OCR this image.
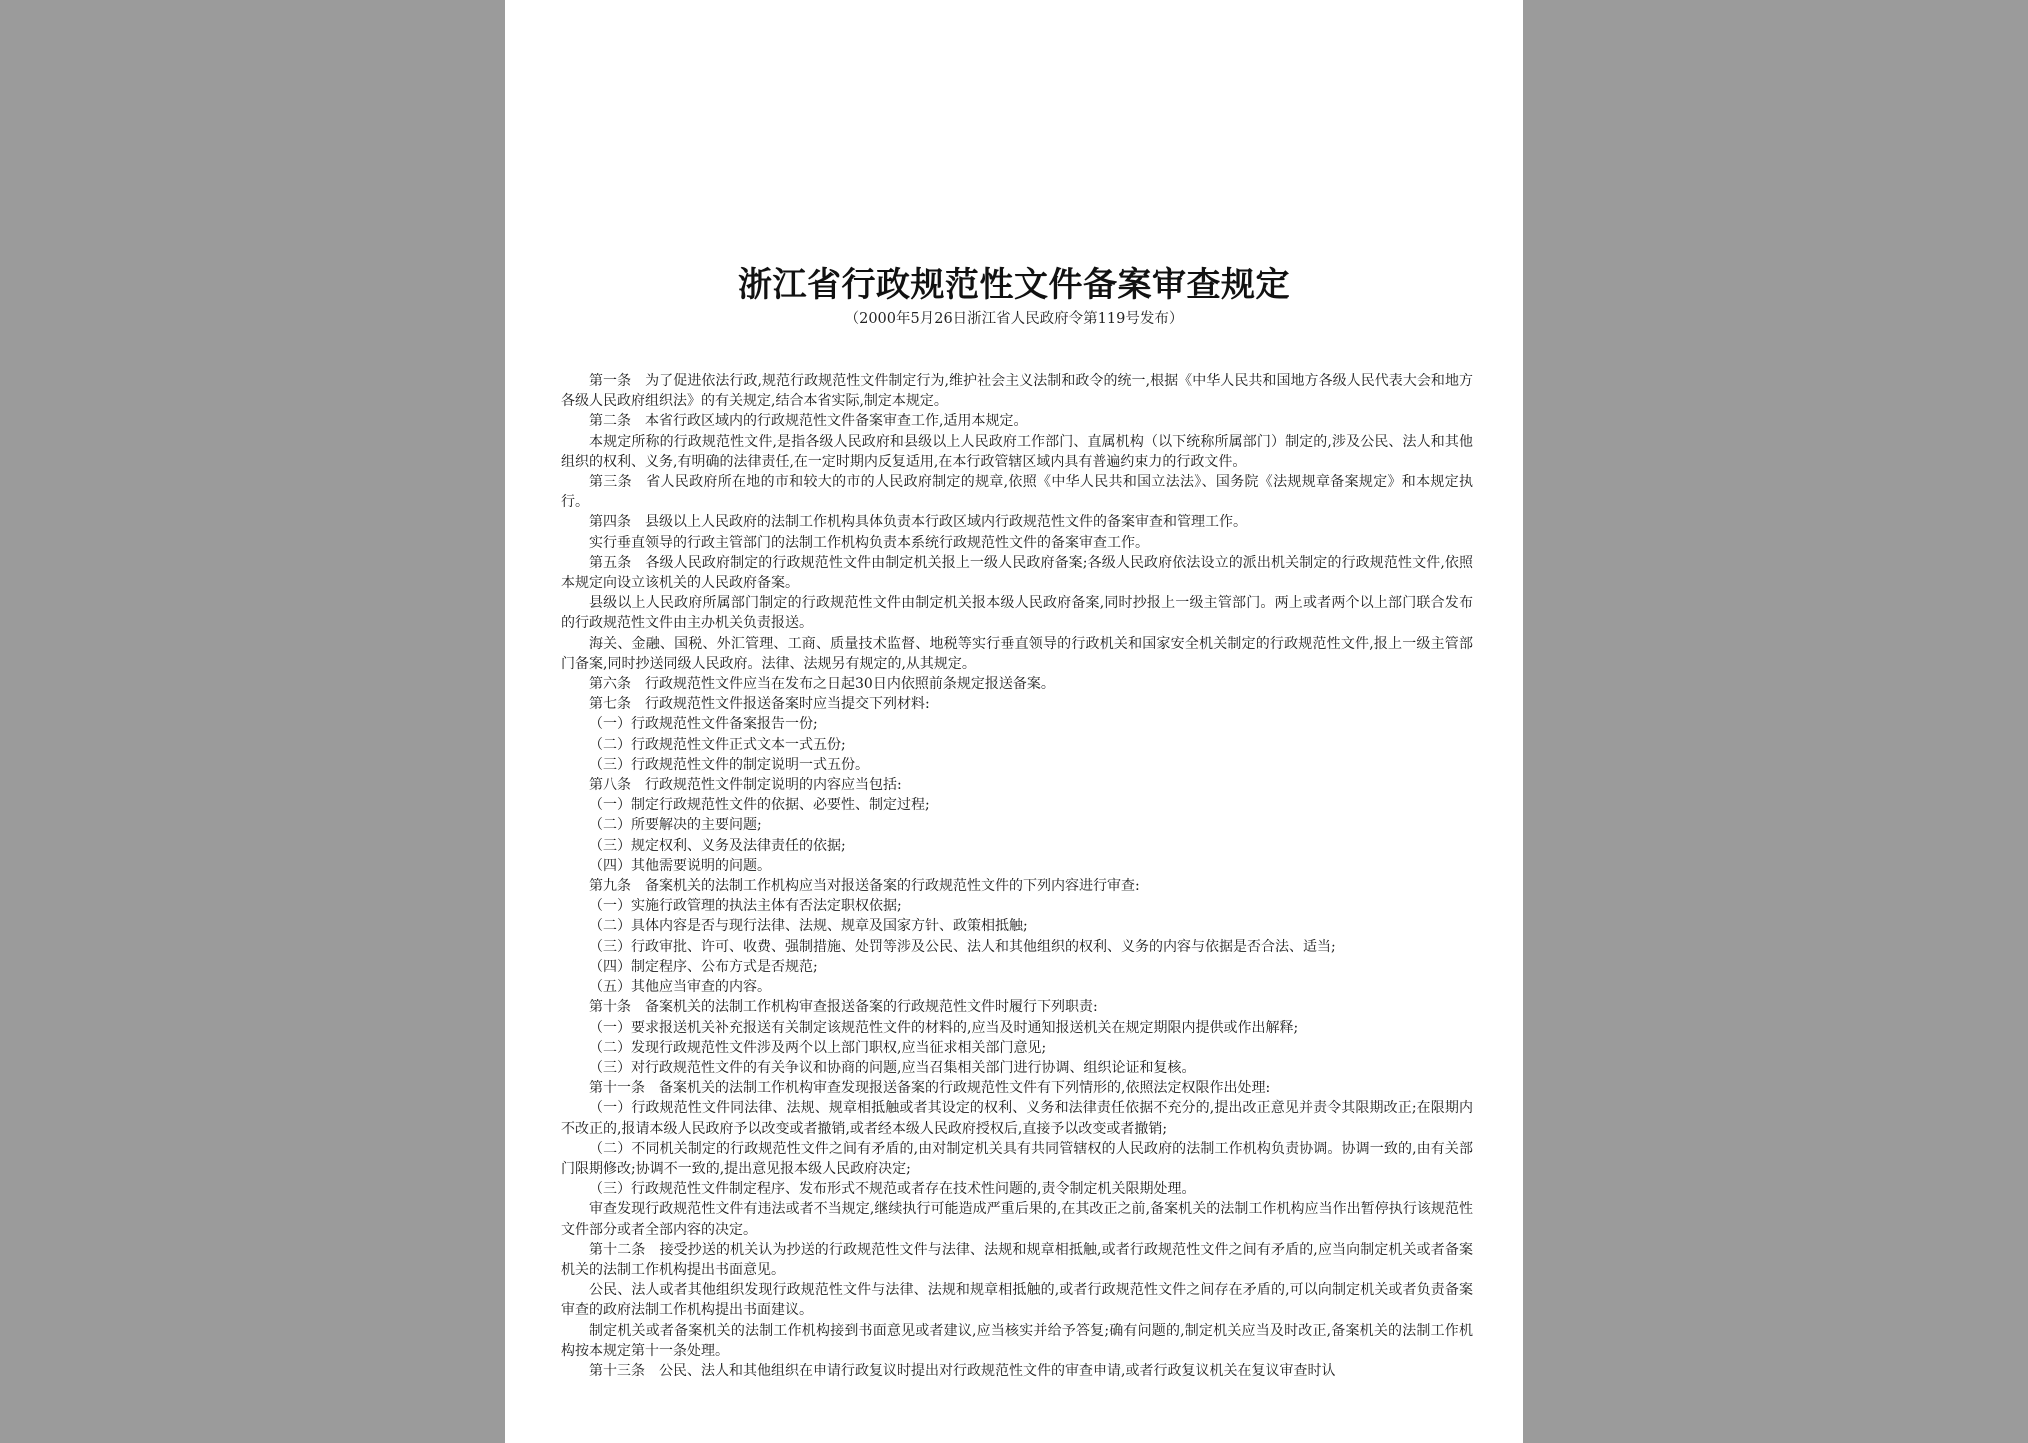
浙江省行政规范性文件备案审查规定
（2000年5月26日浙江省人民政府令第119号发布）

第一条　为了促进依法行政,规范行政规范性文件制定行为,维护社会主义法制和政令的统一,根据《中华人民共和国地方各级人民代表大会和地方各级人民政府组织法》的有关规定,结合本省实际,制定本规定。

第二条　本省行政区域内的行政规范性文件备案审查工作,适用本规定。

本规定所称的行政规范性文件,是指各级人民政府和县级以上人民政府工作部门、直属机构（以下统称所属部门）制定的,涉及公民、法人和其他组织的权利、义务,有明确的法律责任,在一定时期内反复适用,在本行政管辖区域内具有普遍约束力的行政文件。

第三条　省人民政府所在地的市和较大的市的人民政府制定的规章,依照《中华人民共和国立法法》、国务院《法规规章备案规定》和本规定执行。

第四条　县级以上人民政府的法制工作机构具体负责本行政区域内行政规范性文件的备案审查和管理工作。

实行垂直领导的行政主管部门的法制工作机构负责本系统行政规范性文件的备案审查工作。

第五条　各级人民政府制定的行政规范性文件由制定机关报上一级人民政府备案;各级人民政府依法设立的派出机关制定的行政规范性文件,依照本规定向设立该机关的人民政府备案。

县级以上人民政府所属部门制定的行政规范性文件由制定机关报本级人民政府备案,同时抄报上一级主管部门。两上或者两个以上部门联合发布的行政规范性文件由主办机关负责报送。

海关、金融、国税、外汇管理、工商、质量技术监督、地税等实行垂直领导的行政机关和国家安全机关制定的行政规范性文件,报上一级主管部门备案,同时抄送同级人民政府。法律、法规另有规定的,从其规定。

第六条　行政规范性文件应当在发布之日起30日内依照前条规定报送备案。

第七条　行政规范性文件报送备案时应当提交下列材料:

（一）行政规范性文件备案报告一份;

（二）行政规范性文件正式文本一式五份;

（三）行政规范性文件的制定说明一式五份。

第八条　行政规范性文件制定说明的内容应当包括:

（一）制定行政规范性文件的依据、必要性、制定过程;

（二）所要解决的主要问题;

（三）规定权利、义务及法律责任的依据;

（四）其他需要说明的问题。

第九条　备案机关的法制工作机构应当对报送备案的行政规范性文件的下列内容进行审查:

（一）实施行政管理的执法主体有否法定职权依据;

（二）具体内容是否与现行法律、法规、规章及国家方针、政策相抵触;

（三）行政审批、许可、收费、强制措施、处罚等涉及公民、法人和其他组织的权利、义务的内容与依据是否合法、适当;

（四）制定程序、公布方式是否规范;

（五）其他应当审查的内容。

第十条　备案机关的法制工作机构审查报送备案的行政规范性文件时履行下列职责:

（一）要求报送机关补充报送有关制定该规范性文件的材料的,应当及时通知报送机关在规定期限内提供或作出解释;

（二）发现行政规范性文件涉及两个以上部门职权,应当征求相关部门意见;

（三）对行政规范性文件的有关争议和协商的问题,应当召集相关部门进行协调、组织论证和复核。

第十一条　备案机关的法制工作机构审查发现报送备案的行政规范性文件有下列情形的,依照法定权限作出处理:

（一）行政规范性文件同法律、法规、规章相抵触或者其设定的权利、义务和法律责任依据不充分的,提出改正意见并责令其限期改正;在限期内不改正的,报请本级人民政府予以改变或者撤销,或者经本级人民政府授权后,直接予以改变或者撤销;

（二）不同机关制定的行政规范性文件之间有矛盾的,由对制定机关具有共同管辖权的人民政府的法制工作机构负责协调。协调一致的,由有关部门限期修改;协调不一致的,提出意见报本级人民政府决定;

（三）行政规范性文件制定程序、发布形式不规范或者存在技术性问题的,责令制定机关限期处理。

审查发现行政规范性文件有违法或者不当规定,继续执行可能造成严重后果的,在其改正之前,备案机关的法制工作机构应当作出暂停执行该规范性文件部分或者全部内容的决定。

第十二条　接受抄送的机关认为抄送的行政规范性文件与法律、法规和规章相抵触,或者行政规范性文件之间有矛盾的,应当向制定机关或者备案机关的法制工作机构提出书面意见。

公民、法人或者其他组织发现行政规范性文件与法律、法规和规章相抵触的,或者行政规范性文件之间存在矛盾的,可以向制定机关或者负责备案审查的政府法制工作机构提出书面建议。

制定机关或者备案机关的法制工作机构接到书面意见或者建议,应当核实并给予答复;确有问题的,制定机关应当及时改正,备案机关的法制工作机构按本规定第十一条处理。

第十三条　公民、法人和其他组织在申请行政复议时提出对行政规范性文件的审查申请,或者行政复议机关在复议审查时认
